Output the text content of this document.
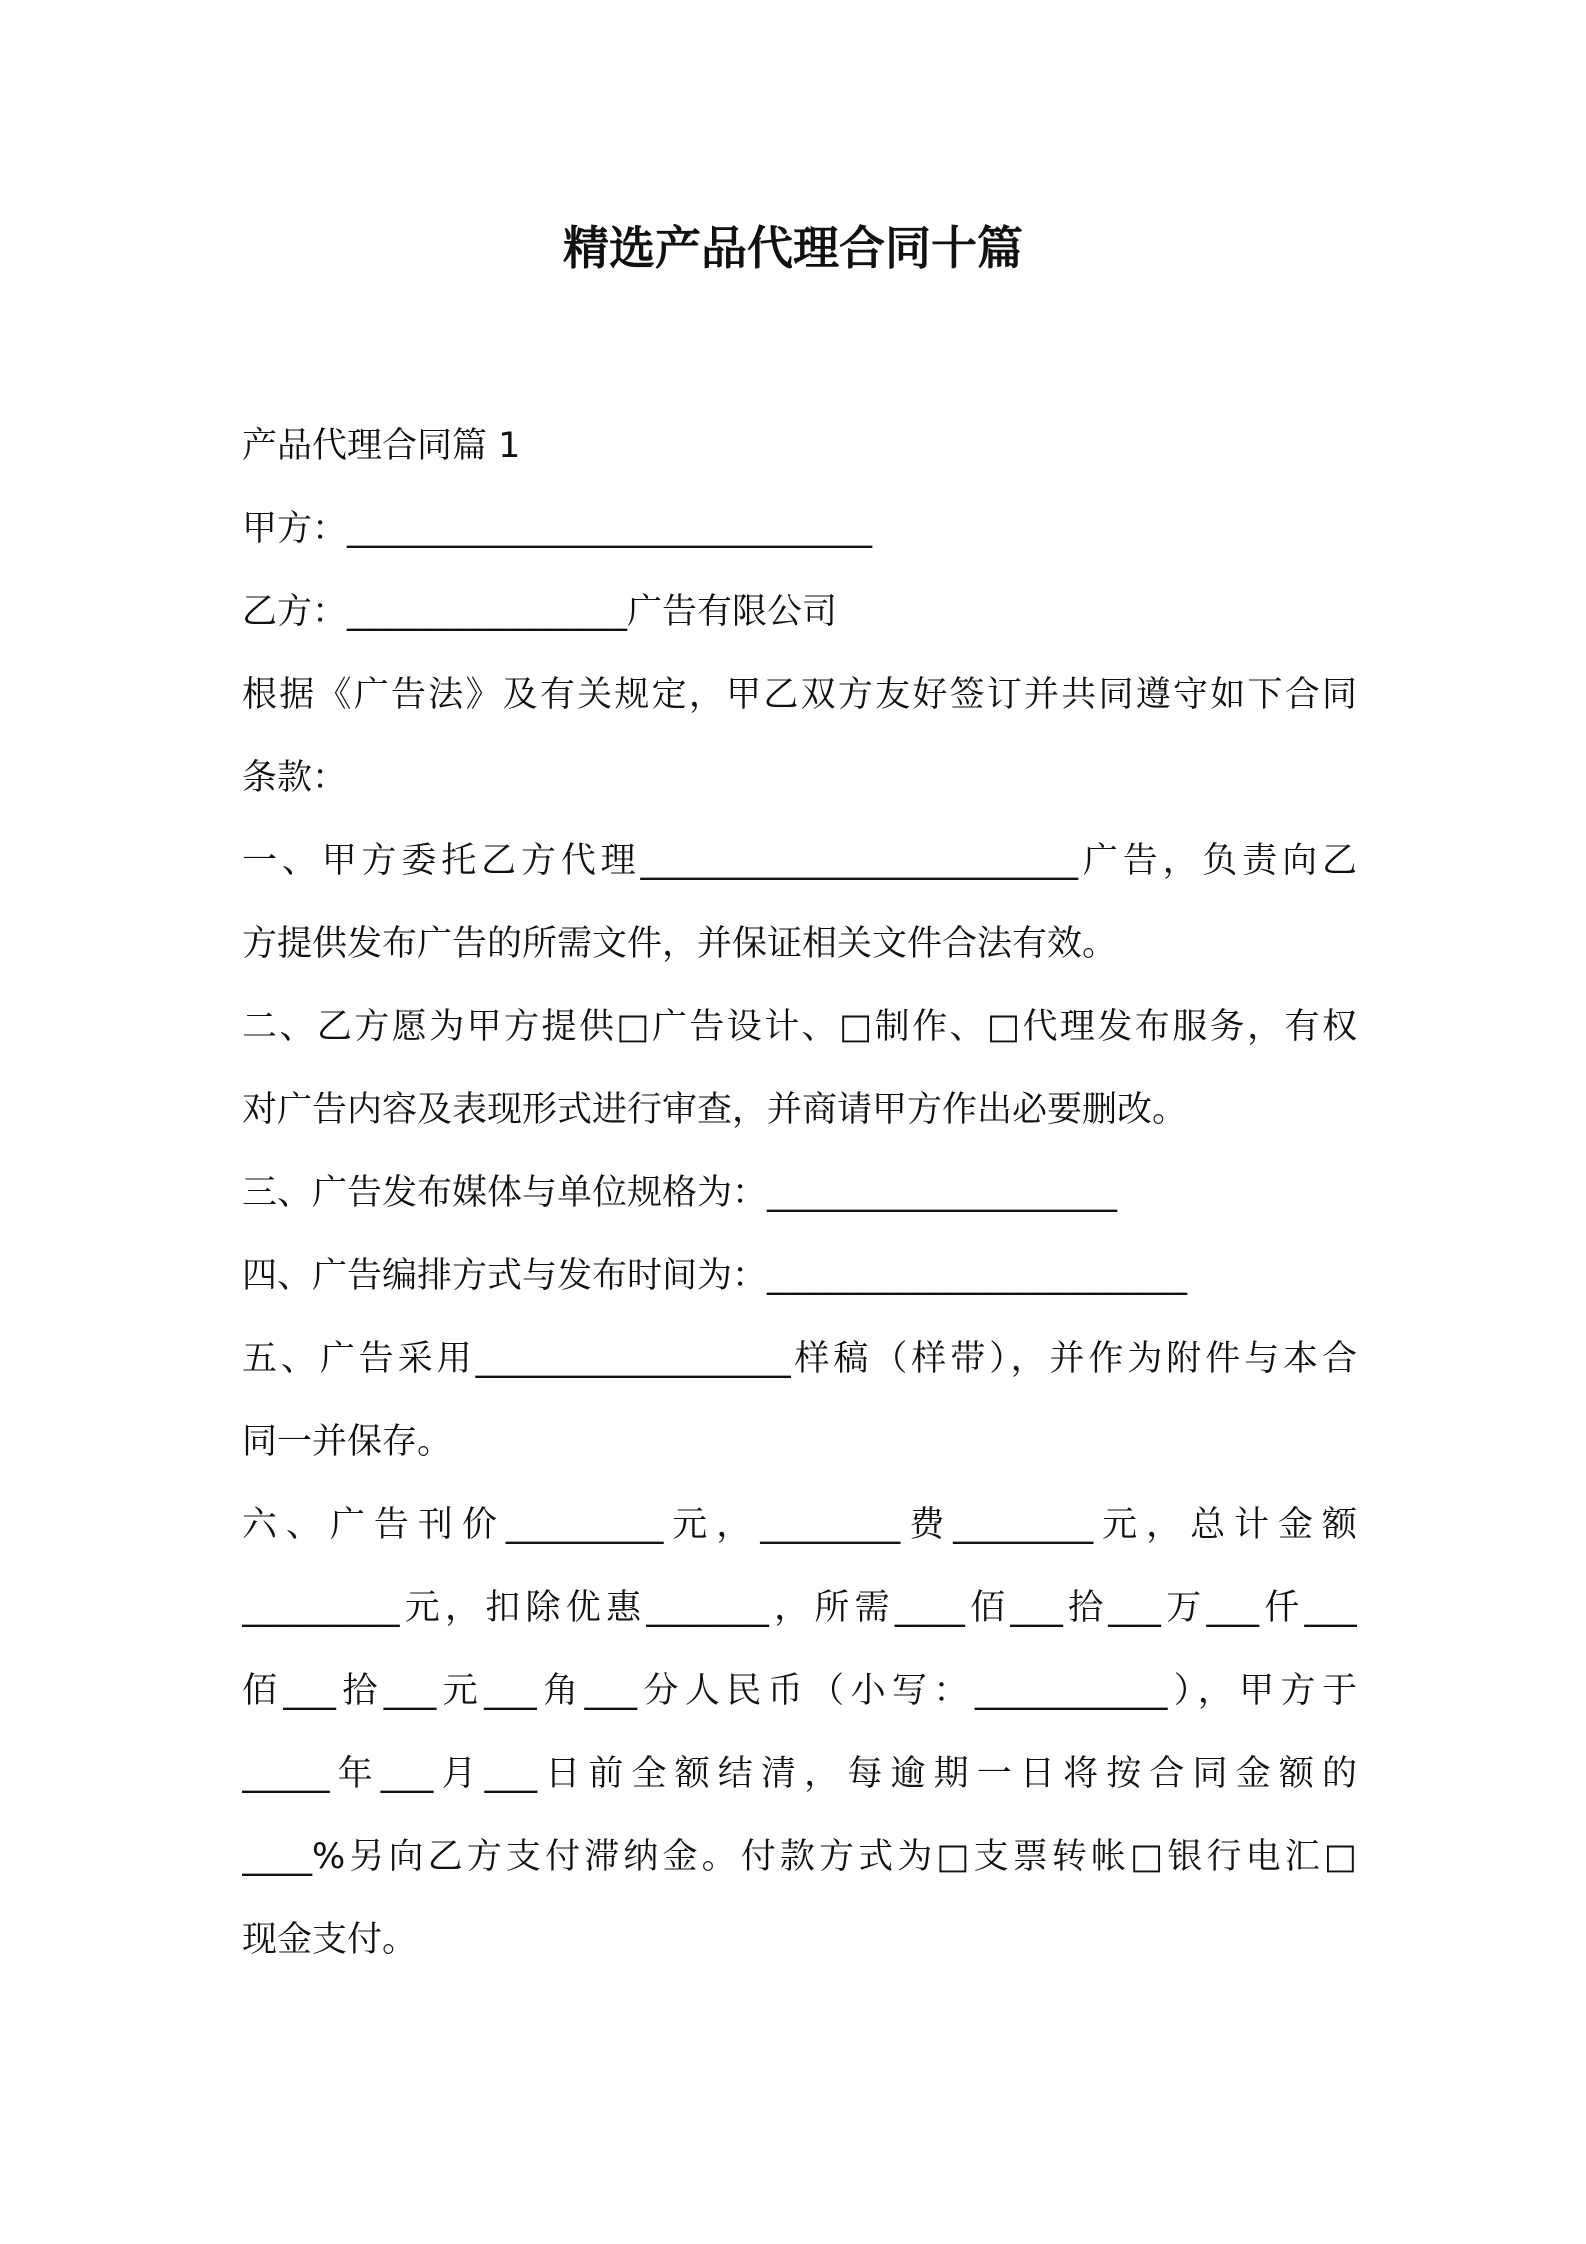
精选产品代理合同十篇
产品代理合同篇 1
甲方：______________________________
乙方：________________广告有限公司
根据《广告法》及有关规定，甲乙双方友好签订并共同遵守如下合同
条款：
一、甲方委托乙方代理_________________________广告，负责向乙
方提供发布广告的所需文件，并保证相关文件合法有效。
二、乙方愿为甲方提供□广告设计、□制作、□代理发布服务，有权
对广告内容及表现形式进行审查，并商请甲方作出必要删改。
三、广告发布媒体与单位规格为：____________________
四、广告编排方式与发布时间为：________________________
五、广告采用__________________样稿（样带），并作为附件与本合
同一并保存。
六、广告刊价_________元，________费________元，总计金额
_________元，扣除优惠_______，所需____佰___拾___万___仟___
佰___拾___元___角___分人民币（小写：___________），甲方于
_____年___月___日前全额结清，每逾期一日将按合同金额的
____%另向乙方支付滞纳金。付款方式为□支票转帐□银行电汇□
现金支付。
